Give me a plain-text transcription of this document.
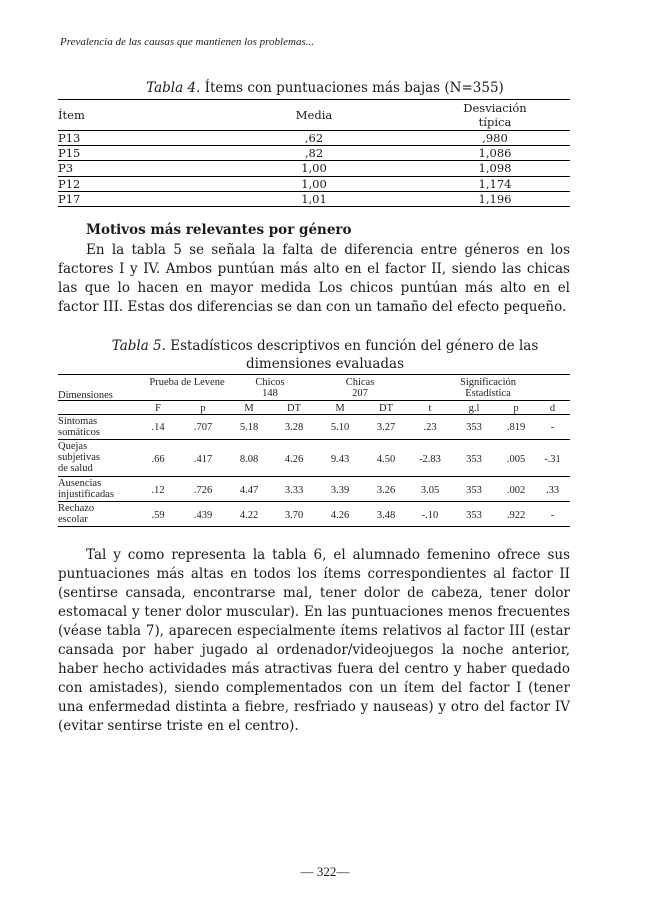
Prevalencia de las causas que mantienen los problemas...
Tabla 4. Ítems con puntuaciones más bajas (N=355)
Ítem	Media	Desviación
típica
P13	,62	,980
P15	,82	1,086
P3	1,00	1,098
P12	1,00	1,174
P17	1,01	1,196
Motivos más relevantes por género

En la tabla 5 se señala la falta de diferencia entre géneros en los factores I y IV. Ambos puntúan más alto en el factor II, siendo las chicas las que lo hacen en mayor medida Los chicos puntúan más alto en el factor III. Estas dos diferencias se dan con un tamaño del efecto pequeño.

Tabla 5. Estadísticos descriptivos en función del género de las dimensiones evaluadas
Prueba de Levene	Chicos
148
Chicas
207
Significación
Estadística
Dimensiones
F	p	M	DT	M	DT	t	g.l	p	d
Síntomas
somáticos	.14	.707	5.18	3.28	5.10	3.27	.23	353	.819	-
Quejas
subjetivas
de salud
.66	.417	8.08	4.26	9.43	4.50	-2.83	353	.005	-.31
Ausencias
injustificadas	.12	.726	4.47	3.33	3.39	3.26	3.05	353	.002	.33
Rechazo
escolar	.59	.439	4.22	3.70	4.26	3.48	-.10	353	.922	-

Tal y como representa la tabla 6, el alumnado femenino ofrece sus puntuaciones más altas en todos los ítems correspondientes al factor II (sentirse cansada, encontrarse mal, tener dolor de cabeza, tener dolor estomacal y tener dolor muscular). En las puntuaciones menos frecuentes (véase tabla 7), aparecen especialmente ítems relativos al factor III (estar cansada por haber jugado al ordenador/videojuegos la noche anterior, haber hecho actividades más atractivas fuera del centro y haber quedado con amistades), siendo complementados con un ítem del factor I (tener una enfermedad distinta a fiebre, resfriado y nauseas) y otro del factor IV (evitar sentirse triste en el centro).

— 322—
